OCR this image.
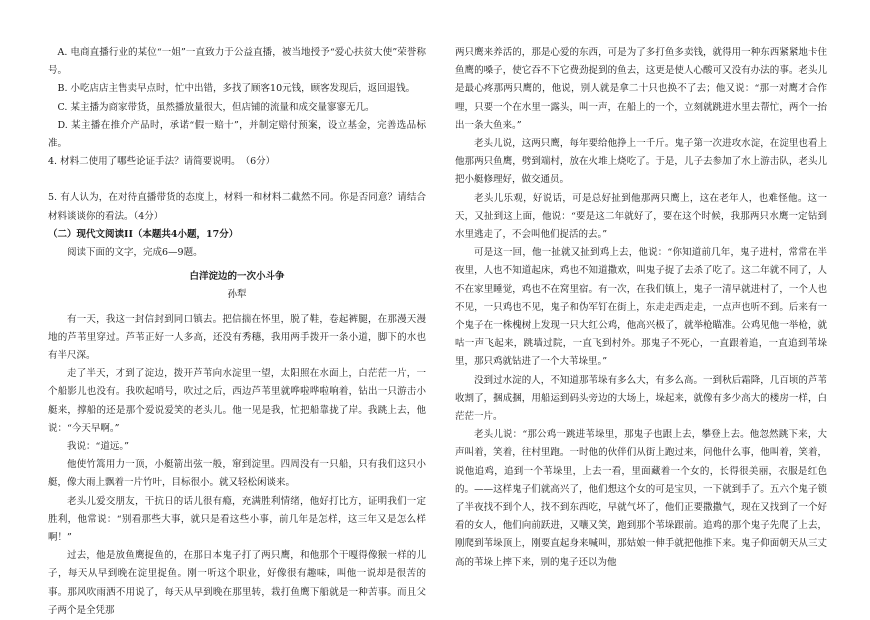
A. 电商直播行业的某位“一姐”一直致力于公益直播，被当地授予“爱心扶贫大使”荣誉称号。

B. 小吃店店主售卖早点时，忙中出错，多找了顾客10元钱，顾客发现后，返回退钱。

C. 某主播为商家带货，虽然播放量很大，但店铺的流量和成交量寥寥无几。

D. 某主播在推介产品时，承诺“假一赔十”，并制定赔付预案，设立基金，完善选品标准。

4. 材料二使用了哪些论证手法？请简要说明。　（6分）

5. 有人认为，在对待直播带货的态度上，材料一和材料二截然不同。你是否同意？请结合材料谈谈你的看法。（4分）

（二）现代文阅读II（本题共4小题，17分）

阅读下面的文字，完成6—9题。

白洋淀边的一次小斗争

孙犁

有一天，我这一封信封到同口镇去。把信揣在怀里，脱了鞋，卷起裤腿，在那漫天漫地的芦苇里穿过。芦苇正好一人多高，还没有秀穗，我用两手拨开一条小道，脚下的水也有半尺深。

走了半天，才到了淀边，拨开芦苇向水淀里一望，太阳照在水面上，白茫茫一片，一个船影儿也没有。我吹起哨号，吹过之后，西边芦苇里就哗啦哗啦响着，钻出一只游击小艇来，撑船的还是那个爱说爱笑的老头儿。他一见是我，忙把船靠拢了岸。我跳上去，他说：“今天早啊。”

我说：“道远。”

他使竹篙用力一顶，小艇箭出弦一般，窜到淀里。四周没有一只船，只有我们这只小艇，像大雨上飘着一片竹叶，目标很小。就又轻松闲谈来。

老头儿爱交朋友，干抗日的话儿很有瘾，充满胜利情绪，他好打比方，证明我们一定胜利，他常说：“别看那些大事，就只是看这些小事，前几年是怎样，这三年又是怎么样啊！”

过去，他是放鱼鹰捉鱼的，在那日本鬼子打了两只鹰，和他那个干嘎得像猴一样的儿子，每天从早到晚在淀里捉鱼。刚一听这个职业，好像很有趣味，叫他一说却是很苦的事。那风吹雨洒不用说了，每天从早到晚在那里转，栽打鱼鹰下船就是一种苦事。而且父子两个是全凭那

两只鹰来养活的，那是心爱的东西，可是为了多打鱼多卖钱，就得用一种东西紧紧地卡住鱼鹰的嗓子，使它吞不下它费劲捉到的鱼去，这更是使人心酸可又没有办法的事。老头儿是最心疼那两只鹰的，他说，别人就是拿二十只也换不了去；他又说：“那一对鹰才合作哩，只要一个在水里一露头，叫一声，在船上的一个，立刻就跳进水里去帮忙，两个一抬出一条大鱼来。”

老头儿说，这两只鹰，每年要给他挣上一千斤。鬼子第一次进攻水淀，在淀里也看上他那两只鱼鹰，劈到端村，放在火堆上烧吃了。于是，儿子去参加了水上游击队，老头儿把小艇修理好，做交通员。

老头儿乐观，好说话，可是总好扯到他那两只鹰上，这在老年人，也难怪他。这一天，又扯到这上面，他说：“要是这二年就好了，要在这个时候，我那两只水鹰一定钻到水里逃走了，不会叫他们捉活的去。”

可是这一回，他一扯就又扯到鸡上去，他说：“你知道前几年，鬼子进村，常常在半夜里，人也不知道起床，鸡也不知道撒欢，叫鬼子捉了去杀了吃了。这二年就不同了，人不在家里睡觉，鸡也不在窝里宿。有一次，在我们镇上，鬼子一清早就进村了，一个人也不见，一只鸡也不见，鬼子和伪军钉在街上，东走走西走走，一点声也听不到。后来有一个鬼子在一株槐树上发现一只大红公鸡，他高兴极了，就举枪瞄准。公鸡见他一举枪，就咕一声飞起来，跳墙过院，一直飞到村外。那鬼子不死心，一直跟着追，一直追到苇垛里，那只鸡就钻进了一个大苇垛里。”

没到过水淀的人，不知道那苇垛有多么大，有多么高。一到秋后霜降，几百顷的芦苇收割了，捆成捆，用船运到码头旁边的大场上，垛起来，就像有多少高大的楼房一样，白茫茫一片。

老头儿说：“那公鸡一跳进苇垛里，那鬼子也跟上去，攀登上去。他忽然跳下来，大声叫着，笑着，往村里跑。一时他的伙伴们从街上跑过来，问他什么事，他叫着，笑着，说他追鸡，追到一个苇垛里，上去一看，里面藏着一个女的，长得很美丽，衣服是红色的。——这样鬼子们就高兴了，他们想这个女的可是宝贝，一下就到手了。五六个鬼子锁了半夜找不到个人，找不到东西吃，早就气坏了，他们正要撒撒气，现在又找到了一个好看的女人，他们向前跃进，又嚷又笑，跑到那个苇垛跟前。追鸡的那个鬼子先爬了上去，刚爬到苇垛顶上，刚要直起身来喊叫，那姑娘一伸手就把他推下来。鬼子仰面朝天从三丈高的苇垛上摔下来，别的鬼子还以为他
